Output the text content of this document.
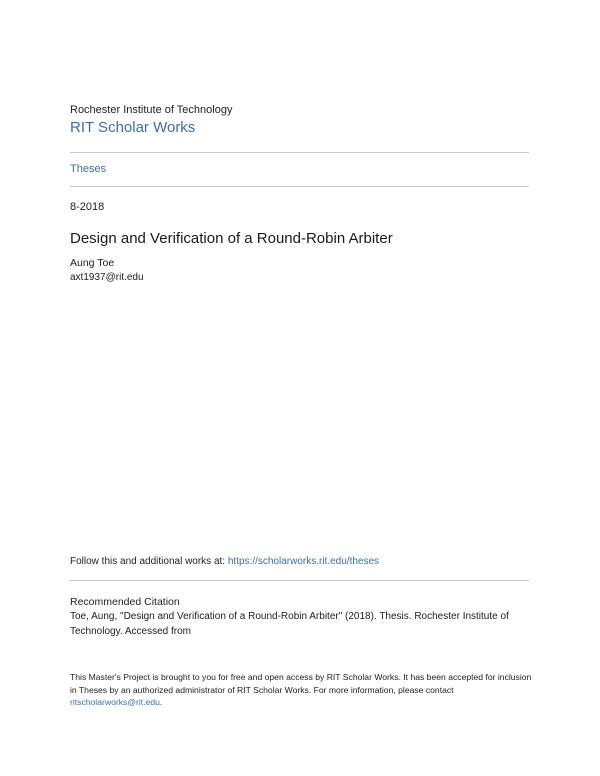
Rochester Institute of Technology
RIT Scholar Works
Theses
8-2018
Design and Verification of a Round-Robin Arbiter
Aung Toe
axt1937@rit.edu
Follow this and additional works at: https://scholarworks.rit.edu/theses
Recommended Citation
Toe, Aung, "Design and Verification of a Round-Robin Arbiter" (2018). Thesis. Rochester Institute of Technology. Accessed from
This Master's Project is brought to you for free and open access by RIT Scholar Works. It has been accepted for inclusion in Theses by an authorized administrator of RIT Scholar Works. For more information, please contact ritscholarworks@rit.edu.
